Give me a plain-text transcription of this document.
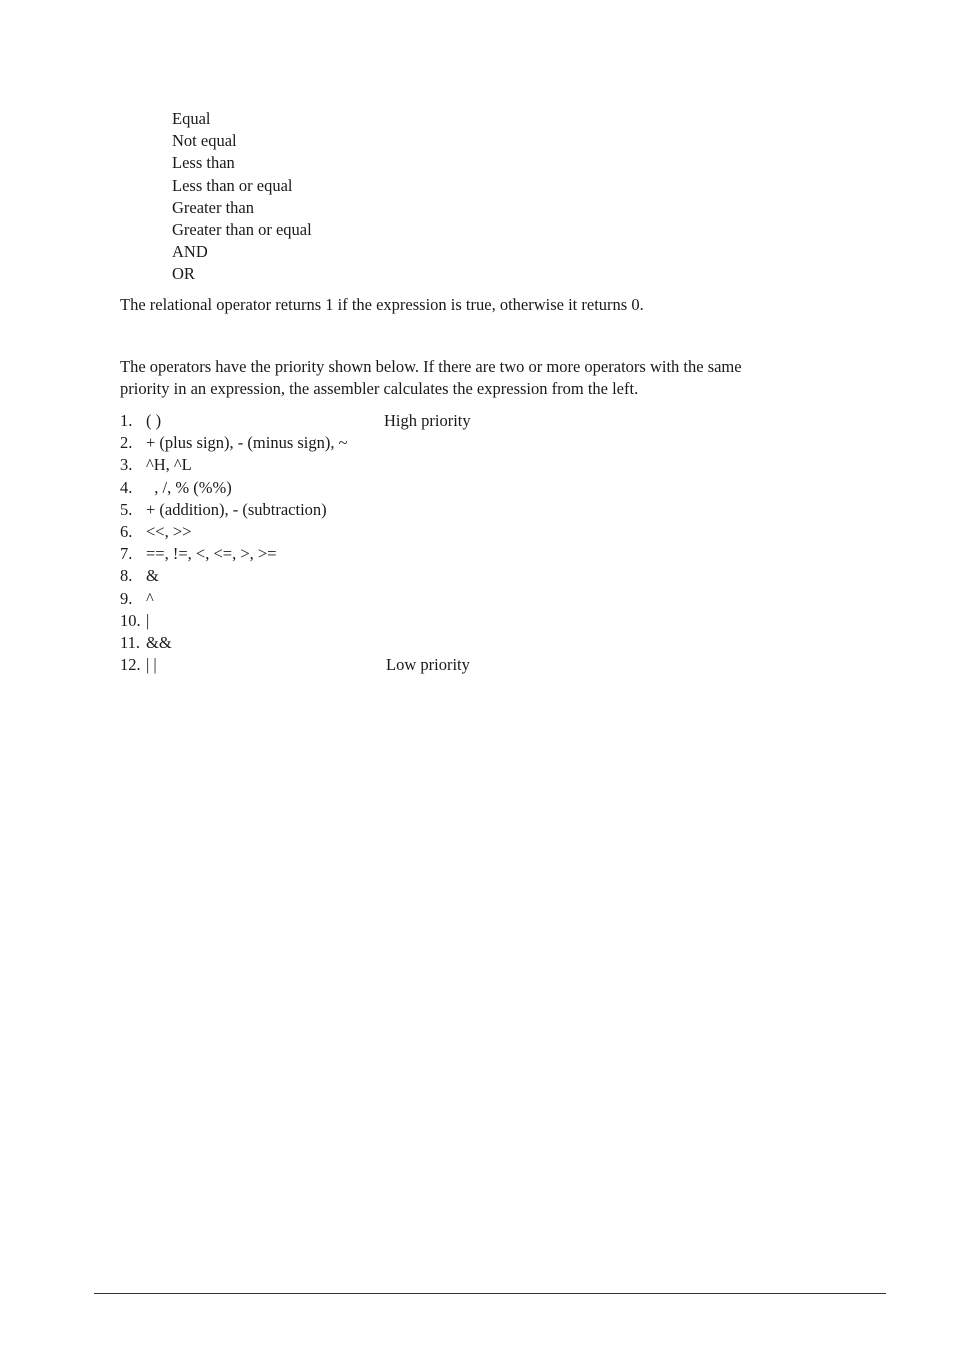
Equal
Not equal
Less than
Less than or equal
Greater than
Greater than or equal
AND
OR

The relational operator returns 1 if the expression is true, otherwise it returns 0.

The operators have the priority shown below. If there are two or more operators with the same
priority in an expression, the assembler calculates the expression from the left.
1. ( )	High priority
2. + (plus sign), - (minus sign), ~
3. ^H, ^L
4. , /, % (%%)
5. + (addition), - (subtraction)
6. <<, >>
7. ==, !=, <, <=, >, >=
8. &
9. ^
10. |
11. &&
12. | |	Low priority
